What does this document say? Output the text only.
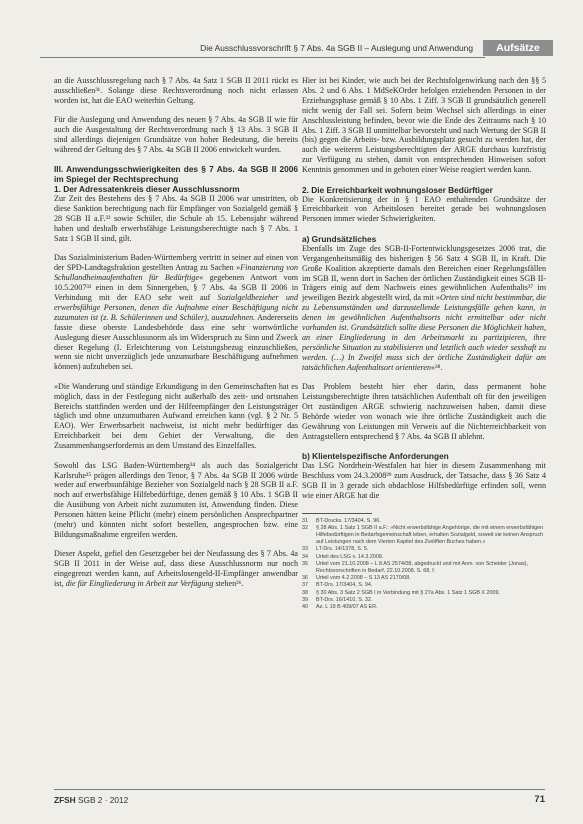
Die Ausschlussvorschrift § 7 Abs. 4a SGB II – Auslegung und Anwendung	Aufsätze

an die Ausschlussregelung nach § 7 Abs. 4a Satz 1 SGB II 2011 rückt es ausschließen³¹. Solange diese Rechtsverordnung noch nicht erlassen worden ist, hat die EAO weiterhin Geltung.

Für die Auslegung und Anwendung des neuen § 7 Abs. 4a SGB II wie für auch die Ausgestaltung der Rechtsverordnung nach § 13 Abs. 3 SGB II sind allerdings diejenigen Grundsätze von hoher Bedeutung, die bereits während der Geltung des § 7 Abs. 4a SGB II 2006 entwickelt wurden.

III. Anwendungsschwierigkeiten des § 7 Abs. 4a SGB II 2006 im Spiegel der Rechtsprechung
1. Der Adressatenkreis dieser Ausschlussnorm

Zur Zeit des Bestehens des § 7 Abs. 4a SGB II 2006 war umstritten, ob diese Sanktion berechtigung nach für Empfänger von Sozialgeld gemäß § 28 SGB II a.F.³² sowie Schüler, die Schule ab 15. Lebensjahr während haben und deshalb erwerbsfähige Leistungsberechtigte nach § 7 Abs. 1 Satz 1 SGB II sind, gilt.

Das Sozialministerium Baden-Württemberg vertritt in seiner auf einen von der SPD-Landtagsfraktion gestellten Antrag zu Sachen »Finanzierung von Schullandheimaufenthalten für Bedürftige« gegebenen Antwort vom 10.5.2007³³ einen in dem Sinnergeben, § 7 Abs. 4a SGB II 2006 in Verbindung mit der EAO sehr weit auf Sozialgeldbezieher und erwerbsfähige Personen, denen die Aufnahme einer Beschäftigung nicht zuzumuten ist (z. B. Schülerinnen und Schüler), auszudehnen. Andererseits fasste diese oberste Landesbehörde dass eine sehr wortwörtliche Auslegung dieser Ausschlussnorm als im Widerspruch zu Sinn und Zweck dieser Regelung (I. Erleichterung von Leistungsbezug einzuschließen, wenn sie nicht unverzüglich jede unzumutbare Beschäftigung aufnehmen können) aufzuheben sei.

»Die Wanderung und ständige Erkundigung in den Gemeinschaften hat es möglich, dass in der Festlegung nicht außerhalb des zeit- und ortsnahen Bereichs stattfinden werden und der Hilfeempfänger den Leistungsträger täglich und ohne unzumutbaren Aufwand erreichen kann (vgl. § 2 Nr. 5 EAO). Wer Erwerbsarbeit nachweist, ist nicht mehr bedürftiger das Erreichbarkeit bei dem Gebiet der Verwaltung, die den Zusammenhangserfordernis an dem Umstand des Einzelfalles.

Sowohl das LSG Baden-Württemberg³⁴ als auch das Sozialgericht Karlsruhe³⁵ prägen allerdings den Tenor, § 7 Abs. 4a SGB II 2006 würde weder auf erwerbsunfähige Bezieher von Sozialgeld nach § 28 SGB II a.F. noch auf erwerbsfähige Hilfebedürftige, denen gemäß § 10 Abs. 1 SGB II die Ausübung von Arbeit nicht zuzumuten ist, Anwendung finden. Diese Personen hätten keine Pflicht (mehr) einem persönlichen Ansprechpartner (mehr) und könnten nicht sofort bestellen, angesprochen bzw. eine Bildungsmaßnahme ergreifen werden.

Dieser Aspekt, gefiel den Gesetzgeber bei der Neufassung des § 7 Abs. 4a SGB II 2011 in der Weise auf, dass diese Ausschlussnorm nur noch eingegrenzt werden kann, auf Arbeitslosengeld-II-Empfänger anwendbar ist, die für Eingliederung in Arbeit zur Verfügung stehen³⁶.

Hier ist bei Kinder, wie auch bei der Rechtsfolgenwirkung nach den §§ 5 Abs. 2 und 6 Abs. 1 MdSeKOrder befolgen erziehenden Personen in der Erziehungsphase gemäß § 10 Abs. 1 Ziff. 3 SGB II grundsätzlich generell nicht wenig der Fall sei. Sofern beim Wechsel sich allerdings in einer Anschlussleistung befinden, bevor wie die Ende des Zeitraums nach § 10 Abs. 1 Ziff. 3 SGB II unmittelbar bevorsteht und nach Wertung der SGB II (bis) gegen die Arbeits- bzw. Ausbildungsplatz gesucht zu werden hat, der auch die weiteren Leistungsberechtigten der ARGE durchaus kurzfristig zur Verfügung zu stehen, damit von entsprechenden Hinweisen sofort Kenntnis genommen und in geboten einer Weise reagiert werden kann.

2. Die Erreichbarkeit wohnungsloser Bedürftiger

Die Konkretisierung der in § 1 EAO enthaltenden Grundsätze der Erreichbarkeit von Arbeitslosen bereitet gerade bei wohnungslosen Personen immer wieder Schwierigkeiten.

a) Grundsätzliches

Ebenfalls im Zuge des SGB-II-Fortentwicklungsgesetzes 2006 trat, die Vergangenheitsmäßig des bisherigen § 56 Satz 4 SGB II, in Kraft. Die Große Koalition akzeptierte damals den Bereichen einer Regelungsfällen im SGB II, wenn dort in Sachen der örtlichen Zuständigkeit eines SGB II-Trägers einig auf dem Nachweis eines gewöhnlichen Aufenthalts³⁷ im jeweiligen Bezirk abgestellt wird, da mit »Orten sind nicht bestimmbar, die zu Lebensumständen und darzustellende Leistungsfälle gehen kann, in denen im gewöhnlichen Aufenthaltsorts nicht ermittelbar oder nicht vorhanden ist. Grundsätzlich sollte diese Personen die Möglichkeit haben, an einer Eingliederung in den Arbeitsmarkt zu partizipieren, ihre persönliche Situation zu stabilisieren und letztlich auch wieder sesshaft zu werden. (…) In Zweifel muss sich der örtliche Zuständigkeit dafür am tatsächlichen Aufenthaltsort orientieren«³⁸.

Das Problem besteht hier eher darin, dass permanent hohe Leistungsberechtigte ihren tatsächlichen Aufenthalt oft für den jeweiligen Ort zuständigen ARGE schwierig nachzuweisen haben, damit diese Behörde wieder von wonach wie ihre örtliche Zuständigkeit auch die Gewährung von Leistungen mit Verweis auf die Nichterreichbarkeit von Antragstellern entsprechend § 7 Abs. 4a SGB II ablehnt.

b) Klientelspezifische Anforderungen

Das LSG Nordrhein-Westfalen hat hier in diesem Zusammenhang mit Beschluss vom 24.3.2008³⁹ zum Ausdruck, der Tatsache, dass § 36 Satz 4 SGB II in 3 gerade sich obdachlose Hilfsbedürftige erfinden soll, wenn wie einer ARGE hat die

31	BT-Drucks. 17/3404, S. 96.
32	§ 28 Abs. 1 Satz 1 SGB II a.F.: »Nicht erwerbsfähige Angehörige, die mit einem erwerbsfähigen Hilfebedürftigen in Bedarfsgemeinschaft leben, erhalten Sozialgeld, soweit sie keinen Anspruch auf Leistungen nach dem Vierten Kapitel des Zwölften Buches haben.«
33	LT-Drs. 14/1378, S. 5.
34	Urteil des LSG v. 14.3.2008.
35	Urteil vom 21.10.2008 – L 8 AS 2574/08, abgedruckt und mit Anm. von Scheider (Jonas), Rechtsvorschriften in Bedarf, 22.10.2008, S. 68, f.
36	Urteil vom 4.2.2008 – S 13 AS 2170/08.
37	BT-Drs. 17/3404, S. 94.
38	§ 30 Abs. 3 Satz 2 SGB I in Verbindung mit § 27a Abs. 1 Satz 1 SGB X 2009.
39	BT-Drs. 16/1410, S. 32.
40	Az. L 19 B 409/07 AS ER.
ZFSH SGB 2 · 2012	71
